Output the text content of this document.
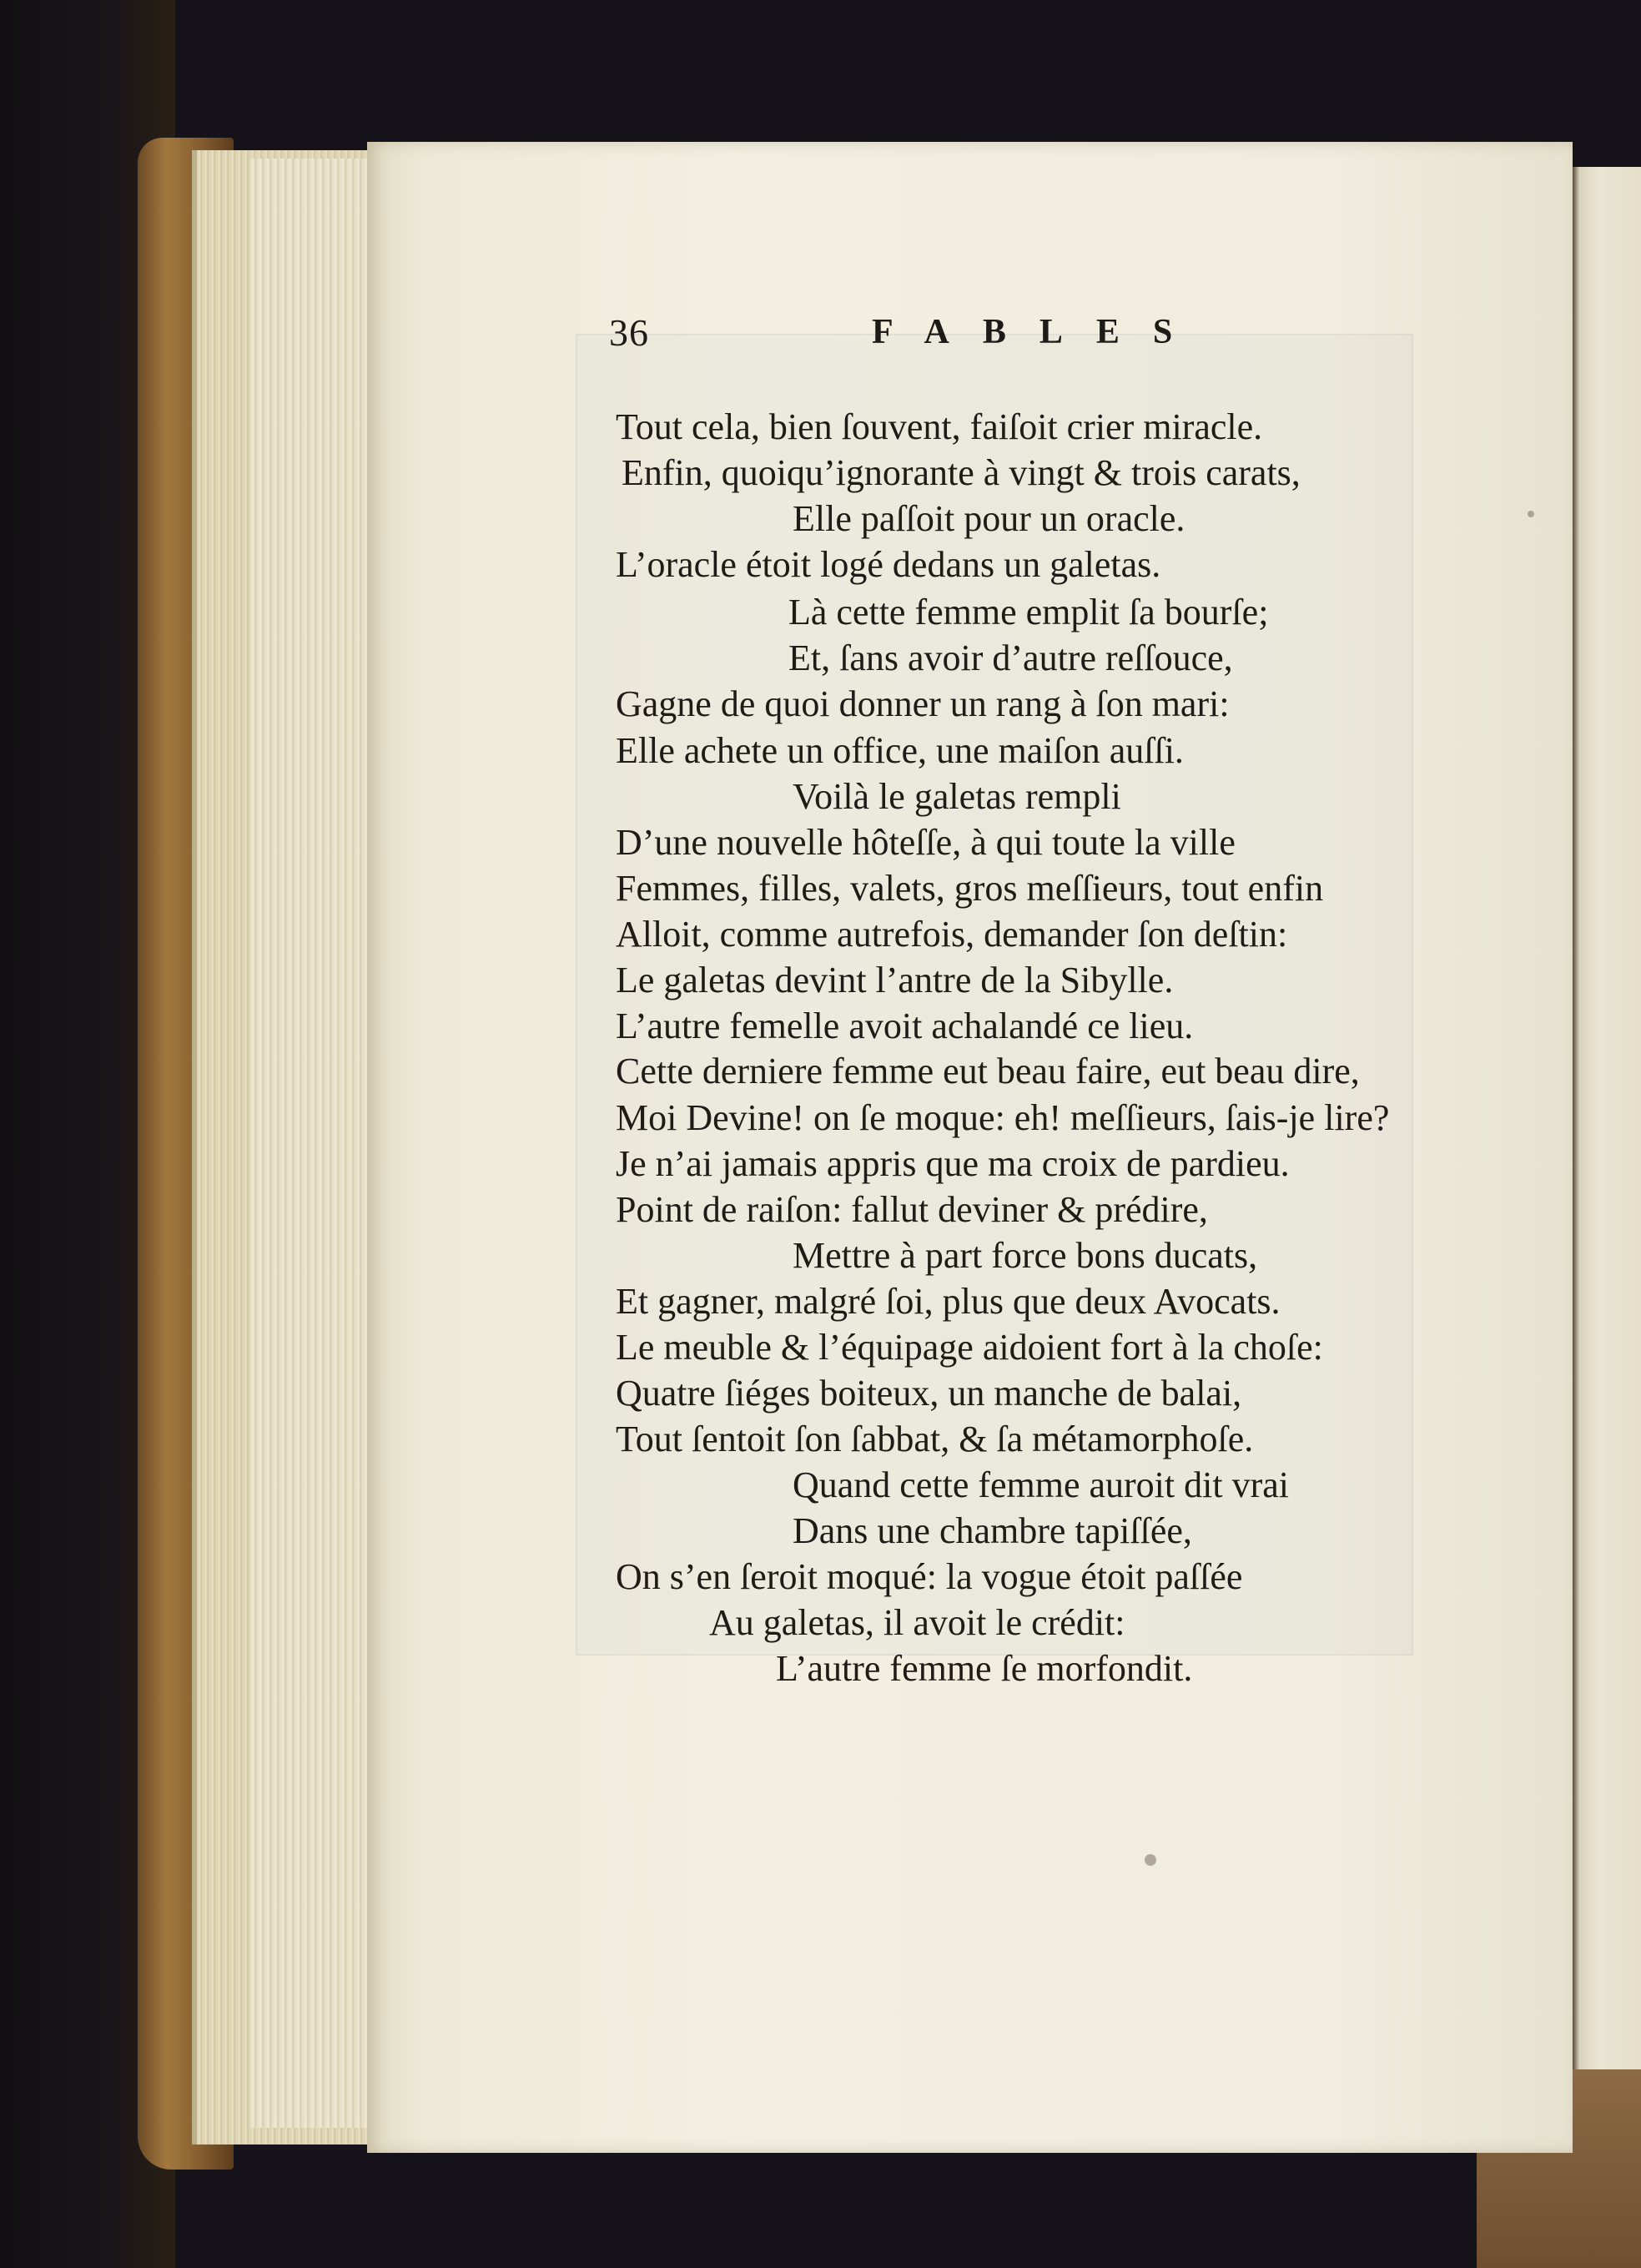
36	FABLES
Tout cela, bien ſouvent, faiſoit crier miracle.
Enfin, quoiqu’ignorante à vingt & trois carats,
Elle paſſoit pour un oracle.
L’oracle étoit logé dedans un galetas.
Là cette femme emplit ſa bourſe;
Et, ſans avoir d’autre reſſouce,
Gagne de quoi donner un rang à ſon mari:
Elle achete un office, une maiſon auſſi.
Voilà le galetas rempli
D’une nouvelle hôteſſe, à qui toute la ville
Femmes, filles, valets, gros meſſieurs, tout enfin
Alloit, comme autrefois, demander ſon deſtin:
Le galetas devint l’antre de la Sibylle.
L’autre femelle avoit achalandé ce lieu.
Cette derniere femme eut beau faire, eut beau dire,
Moi Devine! on ſe moque: eh! meſſieurs, ſais-je lire?
Je n’ai jamais appris que ma croix de pardieu.
Point de raiſon: fallut deviner & prédire,
Mettre à part force bons ducats,
Et gagner, malgré ſoi, plus que deux Avocats.
Le meuble & l’équipage aidoient fort à la choſe:
Quatre ſiéges boiteux, un manche de balai,
Tout ſentoit ſon ſabbat, & ſa métamorphoſe.
Quand cette femme auroit dit vrai
Dans une chambre tapiſſée,
On s’en ſeroit moqué: la vogue étoit paſſée
Au galetas, il avoit le crédit:
L’autre femme ſe morfondit.
